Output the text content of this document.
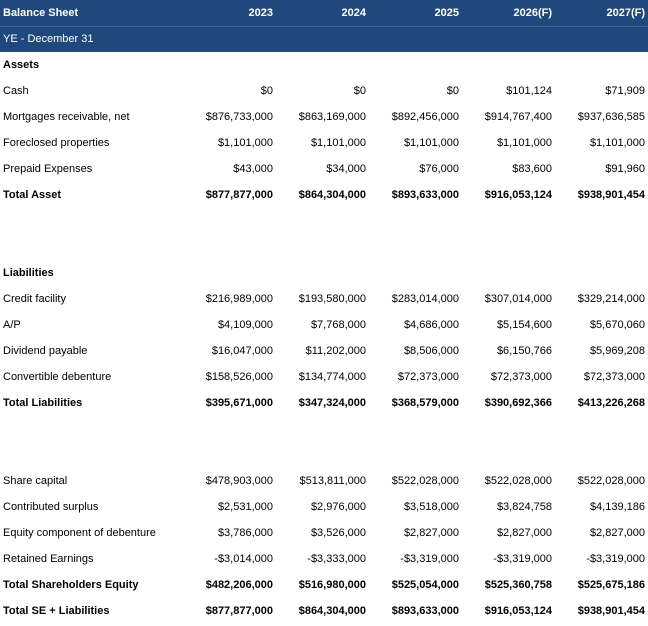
Balance Sheet	2023	2024	2025	2026(F)	2027(F)
YE - December 31
Assets
Cash	$0	$0	$0	$101,124	$71,909
Mortgages receivable, net	$876,733,000	$863,169,000	$892,456,000	$914,767,400	$937,636,585
Foreclosed properties	$1,101,000	$1,101,000	$1,101,000	$1,101,000	$1,101,000
Prepaid Expenses	$43,000	$34,000	$76,000	$83,600	$91,960
Total Asset	$877,877,000	$864,304,000	$893,633,000	$916,053,124	$938,901,454
Liabilities
Credit facility	$216,989,000	$193,580,000	$283,014,000	$307,014,000	$329,214,000
A/P	$4,109,000	$7,768,000	$4,686,000	$5,154,600	$5,670,060
Dividend payable	$16,047,000	$11,202,000	$8,506,000	$6,150,766	$5,969,208
Convertible debenture	$158,526,000	$134,774,000	$72,373,000	$72,373,000	$72,373,000
Total Liabilities	$395,671,000	$347,324,000	$368,579,000	$390,692,366	$413,226,268
Share capital	$478,903,000	$513,811,000	$522,028,000	$522,028,000	$522,028,000
Contributed surplus	$2,531,000	$2,976,000	$3,518,000	$3,824,758	$4,139,186
Equity component of debenture	$3,786,000	$3,526,000	$2,827,000	$2,827,000	$2,827,000
Retained Earnings	-$3,014,000	-$3,333,000	-$3,319,000	-$3,319,000	-$3,319,000
Total Shareholders Equity	$482,206,000	$516,980,000	$525,054,000	$525,360,758	$525,675,186
Total SE + Liabilities	$877,877,000	$864,304,000	$893,633,000	$916,053,124	$938,901,454
